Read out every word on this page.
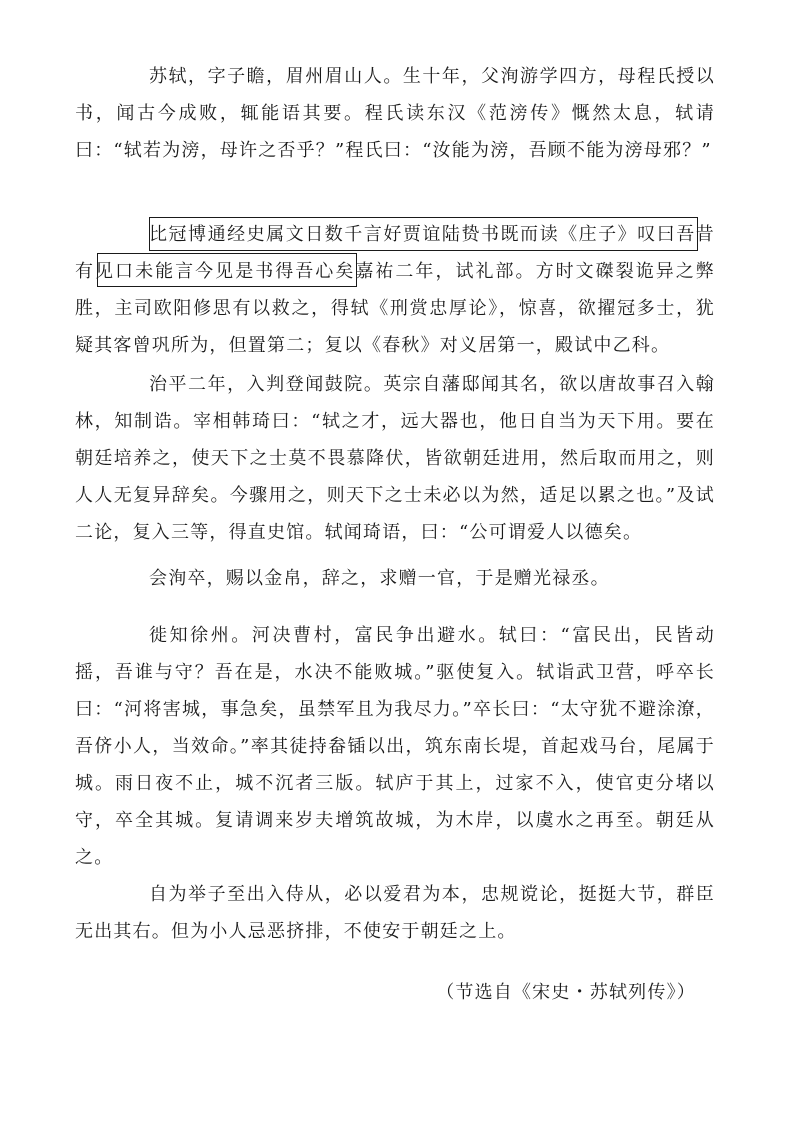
苏轼，字子瞻，眉州眉山人。生十年，父洵游学四方，母程氏授以书，闻古今成败，辄能语其要。程氏读东汉《范滂传》慨然太息，轼请曰：“轼若为滂，母许之否乎？”程氏曰：“汝能为滂，吾顾不能为滂母邪？”

比冠博通经史属文日数千言好贾谊陆贽书既而读《庄子》叹曰吾昔有见口未能言今见是书得吾心矣嘉祐二年，试礼部。方时文磔裂诡异之弊胜，主司欧阳修思有以救之，得轼《刑赏忠厚论》，惊喜，欲擢冠多士，犹疑其客曾巩所为，但置第二；复以《春秋》对义居第一，殿试中乙科。

治平二年，入判登闻鼓院。英宗自藩邸闻其名，欲以唐故事召入翰林，知制诰。宰相韩琦曰：“轼之才，远大器也，他日自当为天下用。要在朝廷培养之，使天下之士莫不畏慕降伏，皆欲朝廷进用，然后取而用之，则人人无复异辞矣。今骤用之，则天下之士未必以为然，适足以累之也。”及试二论，复入三等，得直史馆。轼闻琦语，曰：“公可谓爱人以德矣。

会洵卒，赐以金帛，辞之，求赠一官，于是赠光禄丞。

徙知徐州。河决曹村，富民争出避水。轼曰：“富民出，民皆动摇，吾谁与守？吾在是，水决不能败城。”驱使复入。轼诣武卫营，呼卒长曰：“河将害城，事急矣，虽禁军且为我尽力。”卒长曰：“太守犹不避涂潦，吾侪小人，当效命。”率其徒持畚锸以出，筑东南长堤，首起戏马台，尾属于城。雨日夜不止，城不沉者三版。轼庐于其上，过家不入，使官吏分堵以守，卒全其城。复请调来岁夫增筑故城，为木岸，以虞水之再至。朝廷从之。

自为举子至出入侍从，必以爱君为本，忠规谠论，挺挺大节，群臣无出其右。但为小人忌恶挤排，不使安于朝廷之上。

（节选自《宋史・苏轼列传》）
